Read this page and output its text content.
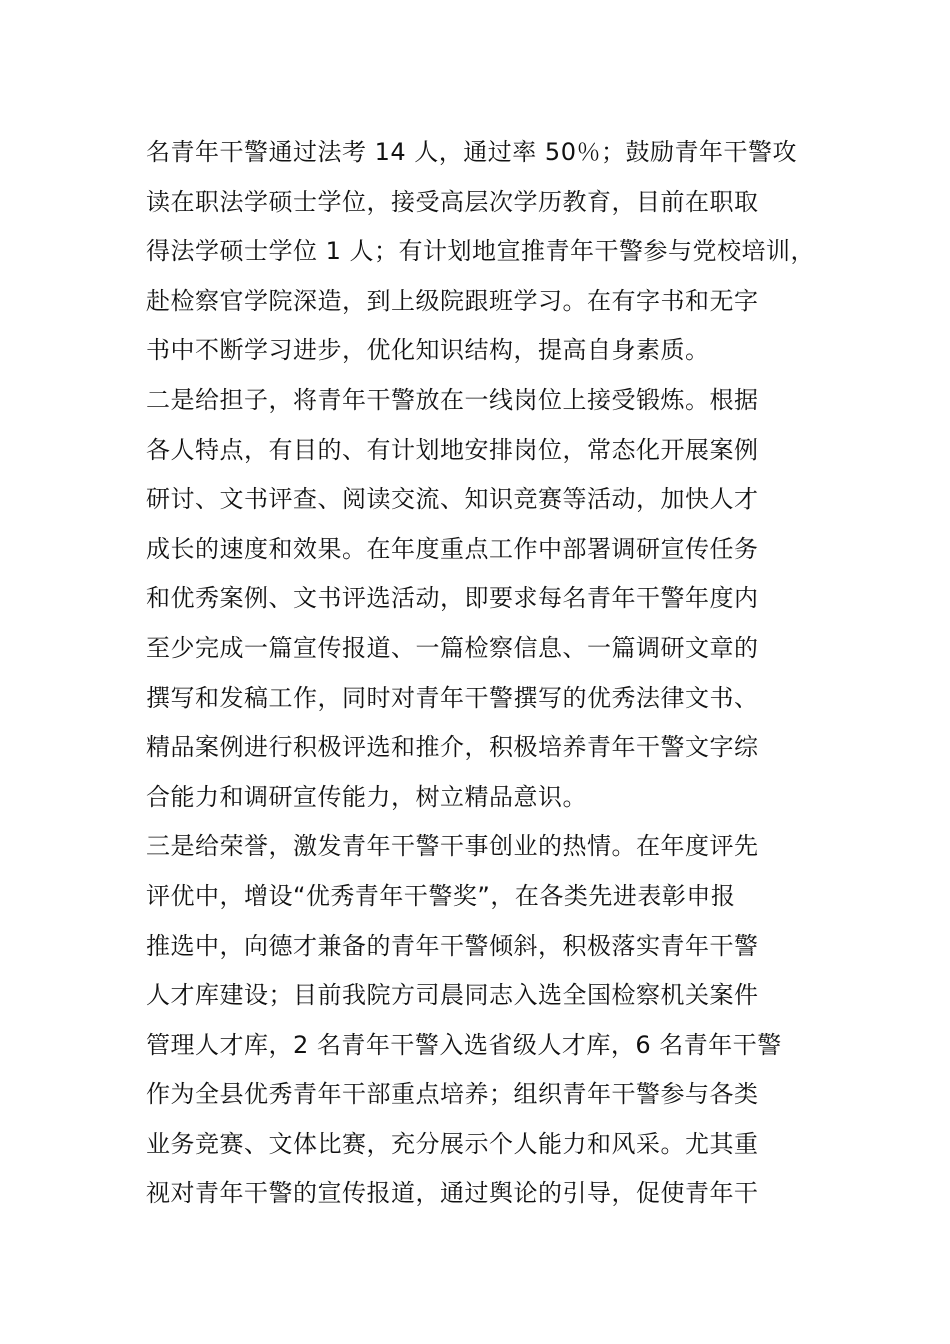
名青年干警通过法考 14 人，通过率 50％；鼓励青年干警攻
读在职法学硕士学位，接受高层次学历教育，目前在职取
得法学硕士学位 1 人；有计划地宣推青年干警参与党校培训，
赴检察官学院深造，到上级院跟班学习。在有字书和无字
书中不断学习进步，优化知识结构，提高自身素质。
二是给担子，将青年干警放在一线岗位上接受锻炼。根据
各人特点，有目的、有计划地安排岗位，常态化开展案例
研讨、文书评查、阅读交流、知识竞赛等活动，加快人才
成长的速度和效果。在年度重点工作中部署调研宣传任务
和优秀案例、文书评选活动，即要求每名青年干警年度内
至少完成一篇宣传报道、一篇检察信息、一篇调研文章的
撰写和发稿工作，同时对青年干警撰写的优秀法律文书、
精品案例进行积极评选和推介，积极培养青年干警文字综
合能力和调研宣传能力，树立精品意识。
三是给荣誉，激发青年干警干事创业的热情。在年度评先
评优中，增设“优秀青年干警奖”，在各类先进表彰申报
推选中，向德才兼备的青年干警倾斜，积极落实青年干警
人才库建设；目前我院方司晨同志入选全国检察机关案件
管理人才库，2 名青年干警入选省级人才库，6 名青年干警
作为全县优秀青年干部重点培养；组织青年干警参与各类
业务竞赛、文体比赛，充分展示个人能力和风采。尤其重
视对青年干警的宣传报道，通过舆论的引导，促使青年干
